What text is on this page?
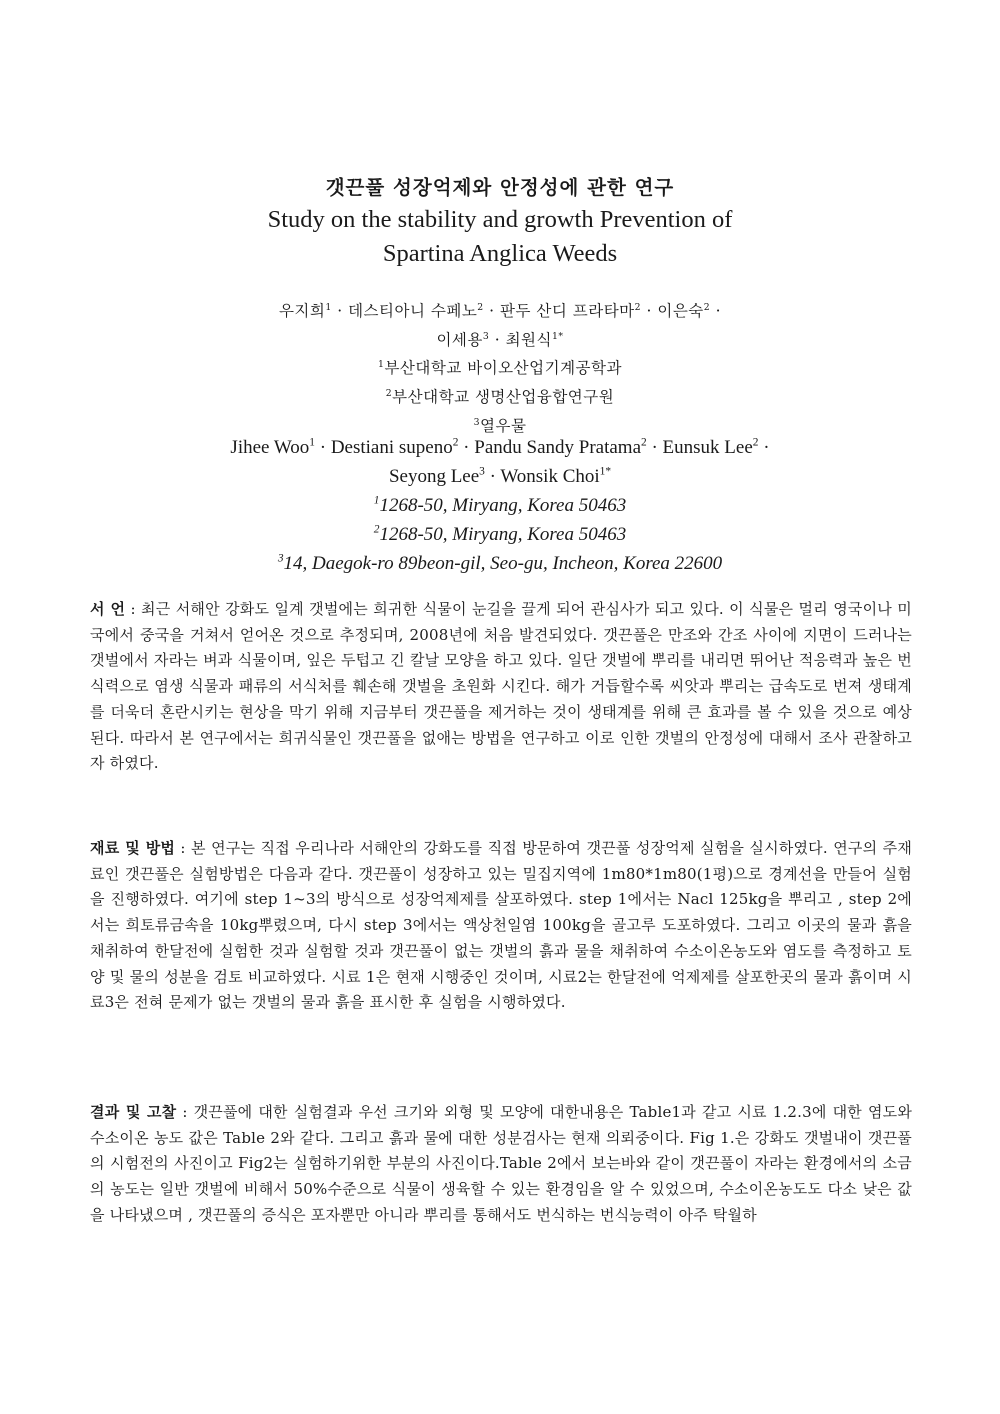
갯끈풀 성장억제와 안정성에 관한 연구
Study on the stability and growth Prevention of
Spartina Anglica Weeds
우지희$^1$ · 데스티아니 수페노$^2$ · 판두 산디 프라타마$^2$ · 이은숙$^2$ ·
이세용$^3$ · 최원식$^{1*}$
$^1$부산대학교 바이오산업기계공학과
$^2$부산대학교 생명산업융합연구원
$^3$열우물
Jihee Woo$^1$ · Destiani supeno$^2$ · Pandu Sandy Pratama$^2$ · Eunsuk Lee$^2$ ·
Seyong Lee$^3$ · Wonsik Choi$^{1*}$
$^1$1268-50, Miryang, Korea 50463
$^2$1268-50, Miryang, Korea 50463
$^3$14, Daegok-ro 89beon-gil, Seo-gu, Incheon, Korea 22600
서 언 : 최근 서해안 강화도 일계 갯벌에는 희귀한 식물이 눈길을 끌게 되어 관심사가 되고 있다. 이 식물은 멀리 영국이나 미국에서 중국을 거쳐서 얻어온 것으로 추정되며, 2008년에 처음 발견되었다. 갯끈풀은 만조와 간조 사이에 지면이 드러나는 갯벌에서 자라는 벼과 식물이며, 잎은 두텁고 긴 칼날 모양을 하고 있다. 일단 갯벌에 뿌리를 내리면 뛰어난 적응력과 높은 번식력으로 염생 식물과 패류의 서식처를 훼손해 갯벌을 초원화 시킨다. 해가 거듭할수록 씨앗과 뿌리는 급속도로 번져 생태계를 더욱더 혼란시키는 현상을 막기 위해 지금부터 갯끈풀을 제거하는 것이 생태계를 위해 큰 효과를 볼 수 있을 것으로 예상된다. 따라서 본 연구에서는 희귀식물인 갯끈풀을 없애는 방법을 연구하고 이로 인한 갯벌의 안정성에 대해서 조사 관찰하고자 하였다.
재료 및 방법 : 본 연구는 직접 우리나라 서해안의 강화도를 직접 방문하여 갯끈풀 성장억제 실험을 실시하였다. 연구의 주재료인 갯끈풀은 실험방법은 다음과 같다. 갯끈풀이 성장하고 있는 밀집지역에 1m80*1m80(1평)으로 경계선을 만들어 실험을 진행하였다. 여기에 step 1~3의 방식으로 성장억제제를 살포하였다. step 1에서는 Nacl 125kg을 뿌리고 , step 2에서는 희토류금속을 10kg뿌렸으며, 다시 step 3에서는 액상천일염 100kg을 골고루 도포하였다. 그리고 이곳의 물과 흙을 채취하여 한달전에 실험한 것과 실험할 것과 갯끈풀이 없는 갯벌의 흙과 물을 채취하여 수소이온농도와 염도를 측정하고 토양 및 물의 성분을 검토 비교하였다. 시료 1은 현재 시행중인 것이며, 시료2는 한달전에 억제제를 살포한곳의 물과 흙이며 시료3은 전혀 문제가 없는 갯벌의 물과 흙을 표시한 후 실험을 시행하였다.
결과 및 고찰 : 갯끈풀에 대한 실험결과 우선 크기와 외형 및 모양에 대한내용은 Table1과 같고 시료 1.2.3에 대한 염도와 수소이온 농도 값은 Table 2와 같다. 그리고 흙과 물에 대한 성분검사는 현재 의뢰중이다. Fig 1.은 강화도 갯벌내이 갯끈풀의 시험전의 사진이고 Fig2는 실험하기위한 부분의 사진이다.Table 2에서 보는바와 같이 갯끈풀이 자라는 환경에서의 소금의 농도는 일반 갯벌에 비해서 50%수준으로 식물이 생육할 수 있는 환경임을 알 수 있었으며, 수소이온농도도 다소 낮은 값을 나타냈으며 , 갯끈풀의 증식은 포자뿐만 아니라 뿌리를 통해서도 번식하는 번식능력이 아주 탁월하
